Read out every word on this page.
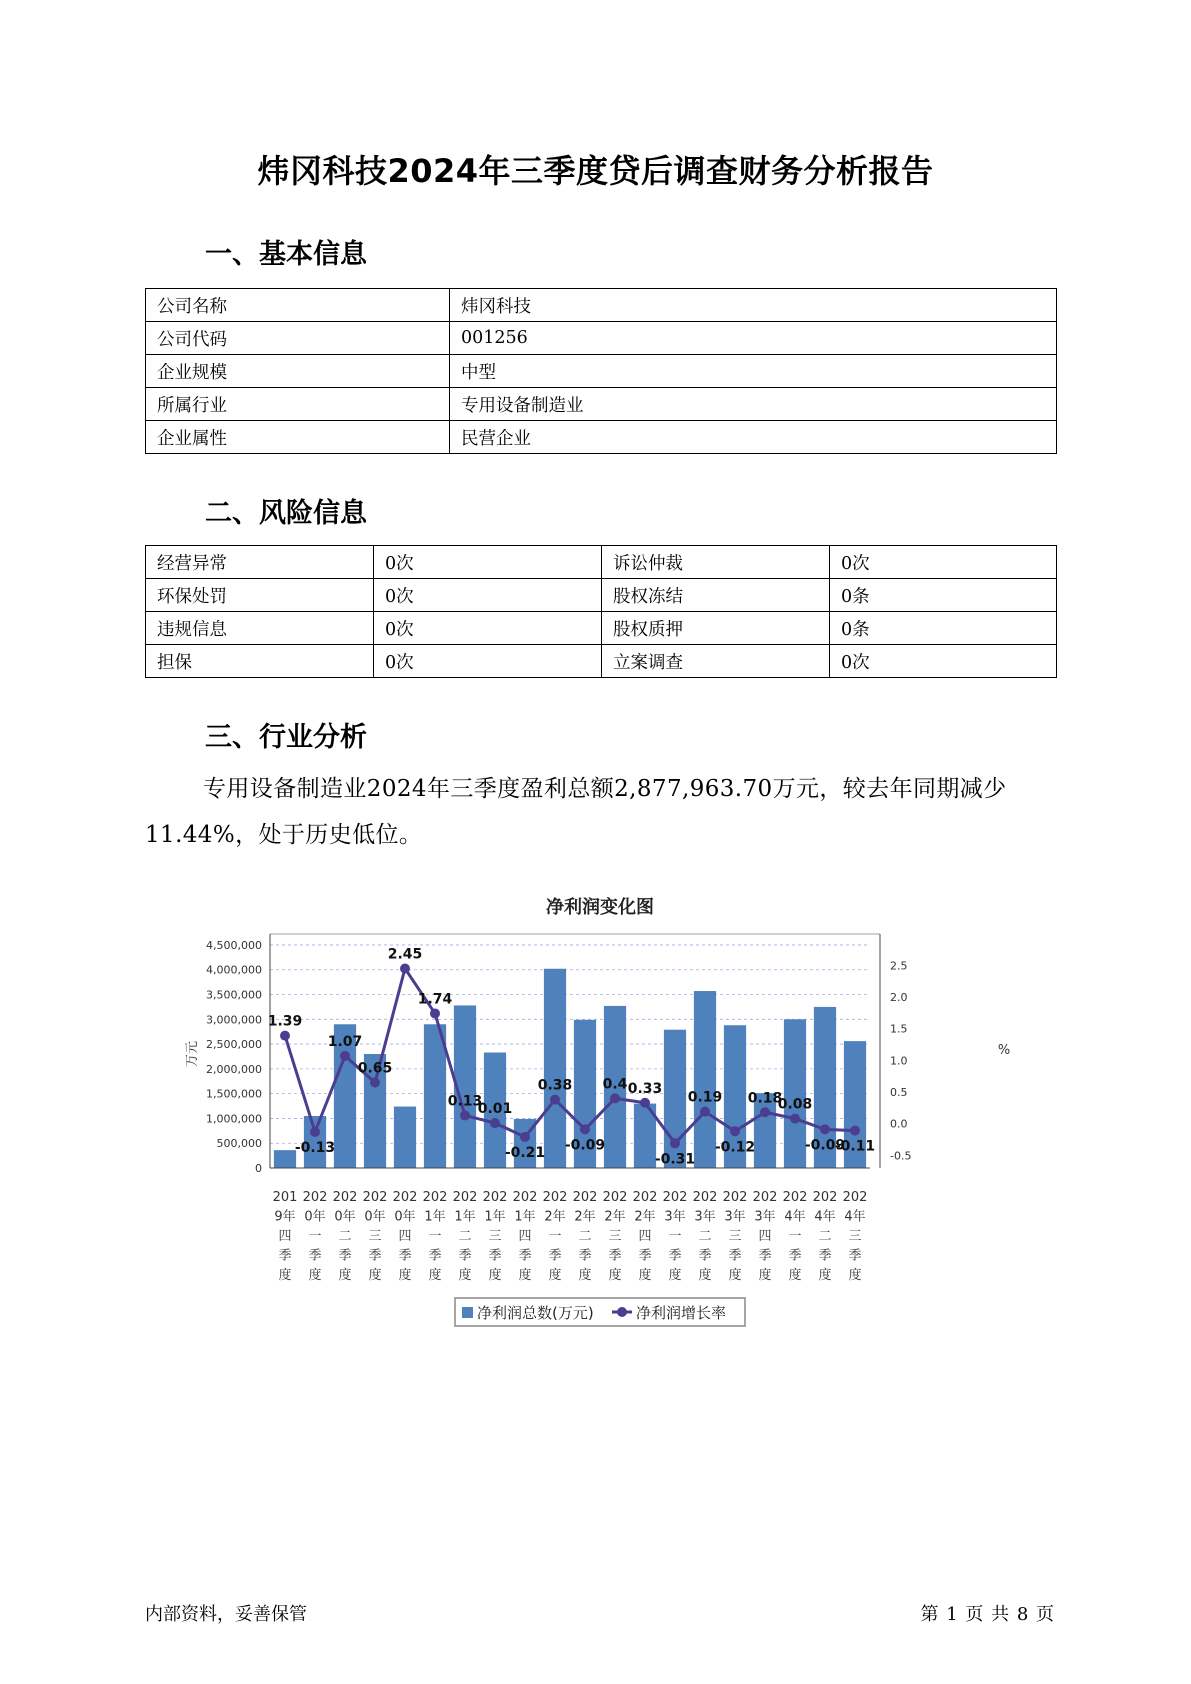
炜冈科技2024年三季度贷后调查财务分析报告
一、基本信息
公司名称	炜冈科技
公司代码	001256
企业规模	中型
所属行业	专用设备制造业
企业属性	民营企业
二、风险信息
经营异常	0次	诉讼仲裁	0次
环保处罚	0次	股权冻结	0条
违规信息	0次	股权质押	0条
担保	0次	立案调查	0次
三、行业分析

专用设备制造业2024年三季度盈利总额2,877,963.70万元，较去年同期减少11.44%，处于历史低位。

净利润变化图
万元	%
0
500,000
1,000,000
1,500,000
2,000,000
2,500,000
3,000,000
3,500,000
4,000,000
4,500,000
-0.5
0.0
0.5
1.0
1.5
2.0
2.5
1.39
-0.13
1.07
0.65
2.45
1.74
0.13
0.01
-0.21
0.38
-0.09
0.4 0.33
-0.31
0.19
-0.12
0.18
0.08
-0.09
-0.11
201 9年四季度
202 0年一季度
202 0年二季度
202 0年三季度
202 0年四季度
202 1年一季度
202 1年二季度
202 1年三季度
202 1年四季度
202 2年一季度
202 2年二季度
202 2年三季度
202 2年四季度
202 3年一季度
202 3年二季度
202 3年三季度
202 3年四季度
202 4年一季度
202 4年二季度
202 4年三季度
净利润总数(万元)	净利润增长率
内部资料，妥善保管	第 1 页 共 8 页
